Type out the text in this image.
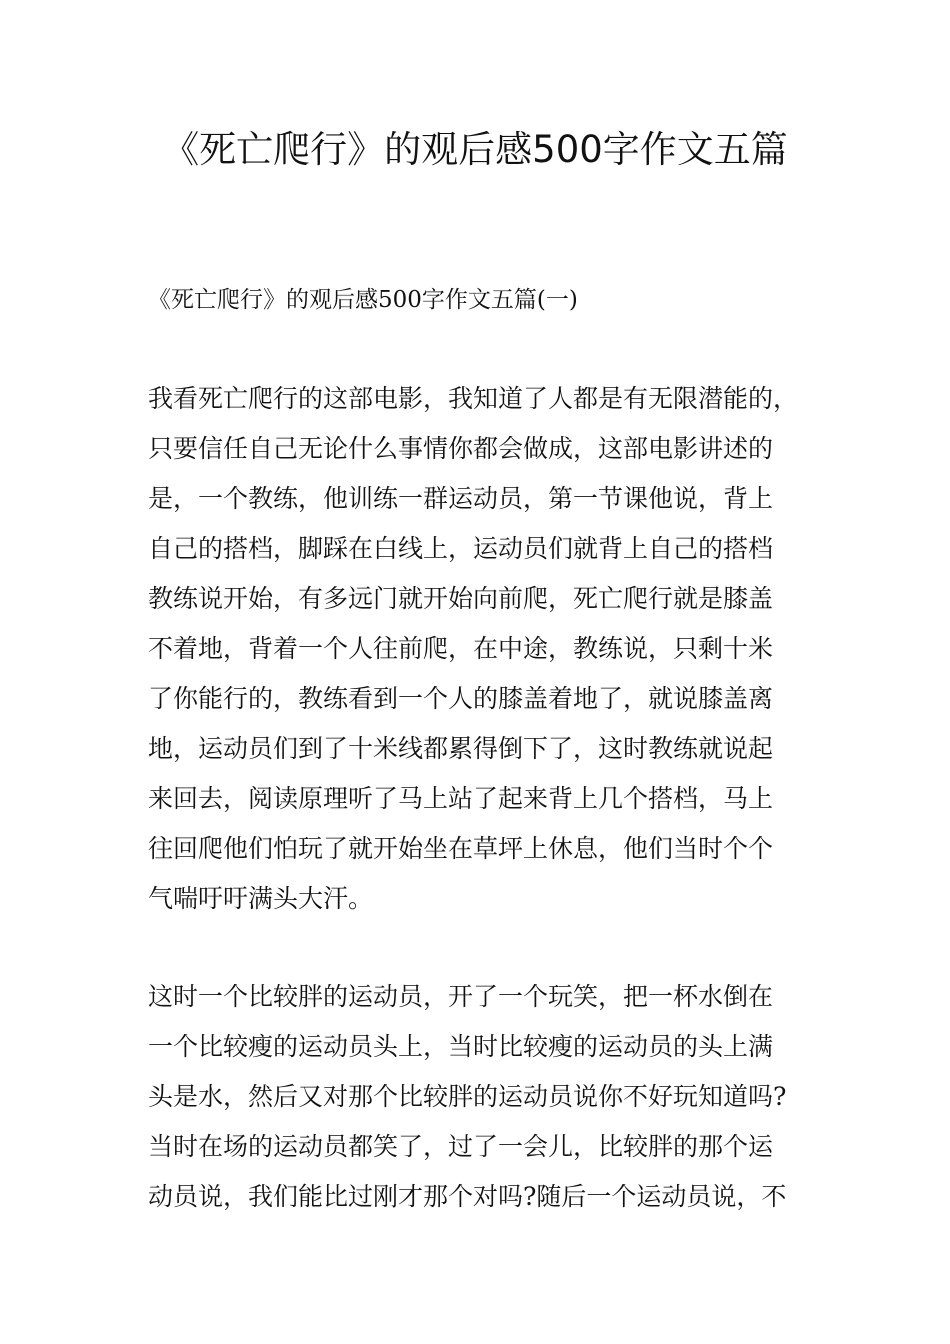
《死亡爬行》的观后感500字作文五篇

《死亡爬行》的观后感500字作文五篇(一)

我看死亡爬行的这部电影，我知道了人都是有无限潜能的，
只要信任自己无论什么事情你都会做成，这部电影讲述的
是，一个教练，他训练一群运动员，第一节课他说，背上
自己的搭档，脚踩在白线上，运动员们就背上自己的搭档
教练说开始，有多远门就开始向前爬，死亡爬行就是膝盖
不着地，背着一个人往前爬，在中途，教练说，只剩十米
了你能行的，教练看到一个人的膝盖着地了，就说膝盖离
地，运动员们到了十米线都累得倒下了，这时教练就说起
来回去，阅读原理听了马上站了起来背上几个搭档，马上
往回爬他们怕玩了就开始坐在草坪上休息，他们当时个个
气喘吁吁满头大汗。
这时一个比较胖的运动员，开了一个玩笑，把一杯水倒在
一个比较瘦的运动员头上，当时比较瘦的运动员的头上满
头是水，然后又对那个比较胖的运动员说你不好玩知道吗?
当时在场的运动员都笑了，过了一会儿，比较胖的那个运
动员说，我们能比过刚才那个对吗?随后一个运动员说，不
